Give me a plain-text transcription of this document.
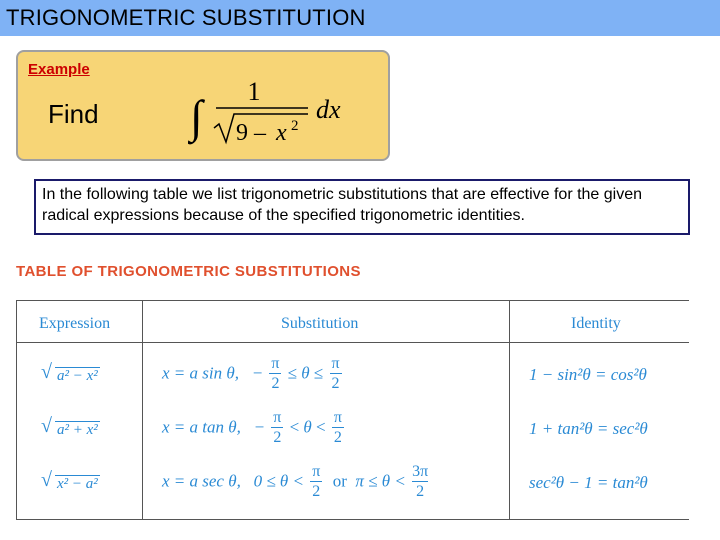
TRIGONOMETRIC SUBSTITUTION
Example
Find ∫ 1
9 – x 2
dx
In the following table we list trigonometric substitutions that are effective for the given radical expressions because of the specified trigonometric identities.
TABLE OF TRIGONOMETRIC SUBSTITUTIONS
Expression	Substitution	Identity
√ a² − x²	x = a sin θ, − $\frac{\pi}{2} \le \theta \le \frac{\pi}{2}$	1 − sin²θ = cos²θ
√ a² + x²	x = a tan θ, − $\frac{\pi}{2} < \theta < \frac{\pi}{2}$	1 + tan²θ = sec²θ
√ x² − a²	x = a sec θ, $0 \le \theta < \frac{\pi}{2}$ or $\pi \le \theta < \frac{3\pi}{2}$	sec²θ − 1 = tan²θ
